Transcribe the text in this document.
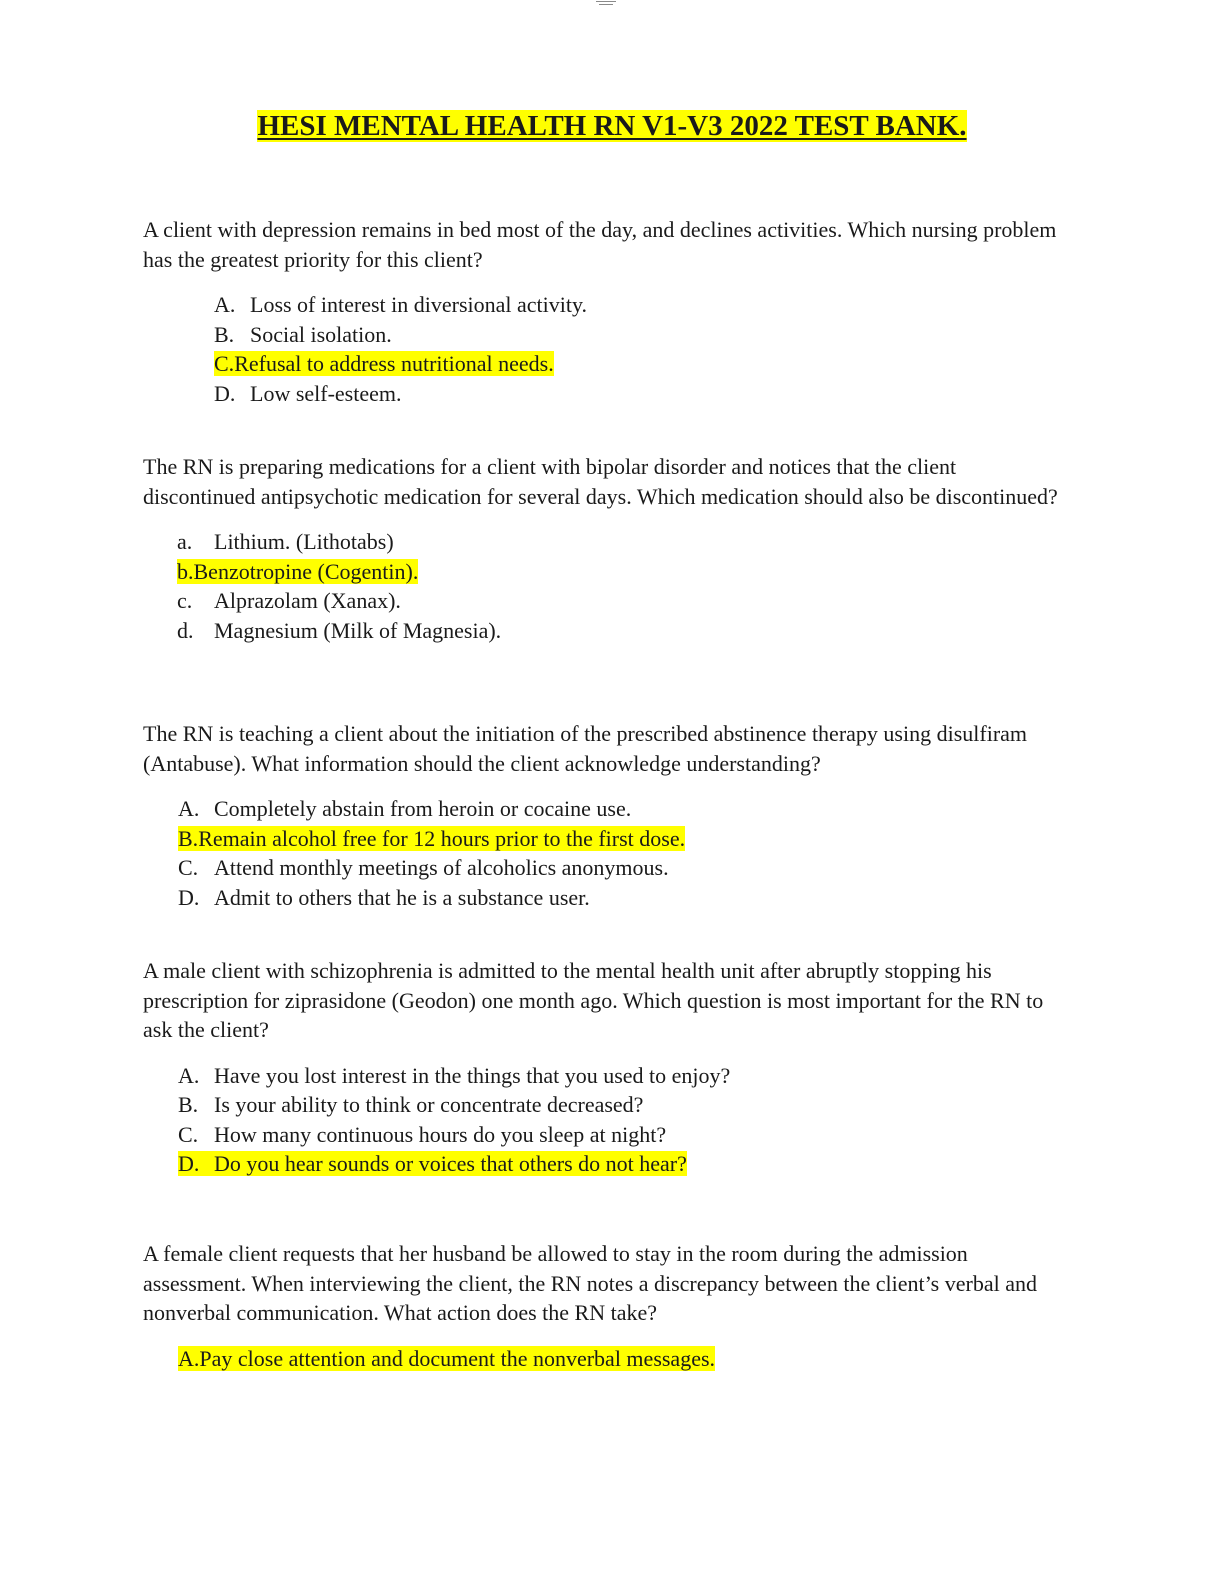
HESI MENTAL HEALTH RN V1-V3 2022 TEST BANK.

A client with depression remains in bed most of the day, and declines activities. Which nursing problem has the greatest priority for this client?

A. Loss of interest in diversional activity.
B. Social isolation.
C.Refusal to address nutritional needs.
D. Low self-esteem.

The RN is preparing medications for a client with bipolar disorder and notices that the client discontinued antipsychotic medication for several days. Which medication should also be discontinued?

a. Lithium. (Lithotabs)
b.Benzotropine (Cogentin).
c. Alprazolam (Xanax).
d. Magnesium (Milk of Magnesia).

The RN is teaching a client about the initiation of the prescribed abstinence therapy using disulfiram (Antabuse). What information should the client acknowledge understanding?

A. Completely abstain from heroin or cocaine use.
B.Remain alcohol free for 12 hours prior to the first dose.
C. Attend monthly meetings of alcoholics anonymous.
D. Admit to others that he is a substance user.

A male client with schizophrenia is admitted to the mental health unit after abruptly stopping his prescription for ziprasidone (Geodon) one month ago. Which question is most important for the RN to ask the client?

A. Have you lost interest in the things that you used to enjoy?
B. Is your ability to think or concentrate decreased?
C. How many continuous hours do you sleep at night?
D. Do you hear sounds or voices that others do not hear?

A female client requests that her husband be allowed to stay in the room during the admission assessment. When interviewing the client, the RN notes a discrepancy between the client’s verbal and nonverbal communication. What action does the RN take?

A.Pay close attention and document the nonverbal messages.
